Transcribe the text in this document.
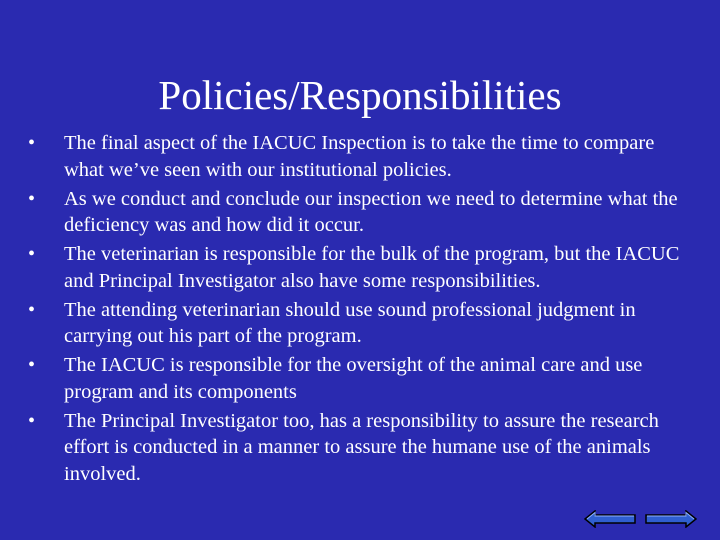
Policies/Responsibilities
•	The final aspect of the IACUC Inspection is to take the time to compare what we’ve seen with our institutional policies.
•	As we conduct and conclude our inspection we need to determine what the deficiency was and how did it occur.
•	The veterinarian is responsible for the bulk of the program, but the IACUC and Principal Investigator also have some responsibilities.
•	The attending veterinarian should use sound professional judgment in carrying out his part of the program.
•	The IACUC is responsible for the oversight of the animal care and use program and its components
•	The Principal Investigator too, has a responsibility to assure the research effort is conducted in a manner to assure the humane use of the animals involved.
